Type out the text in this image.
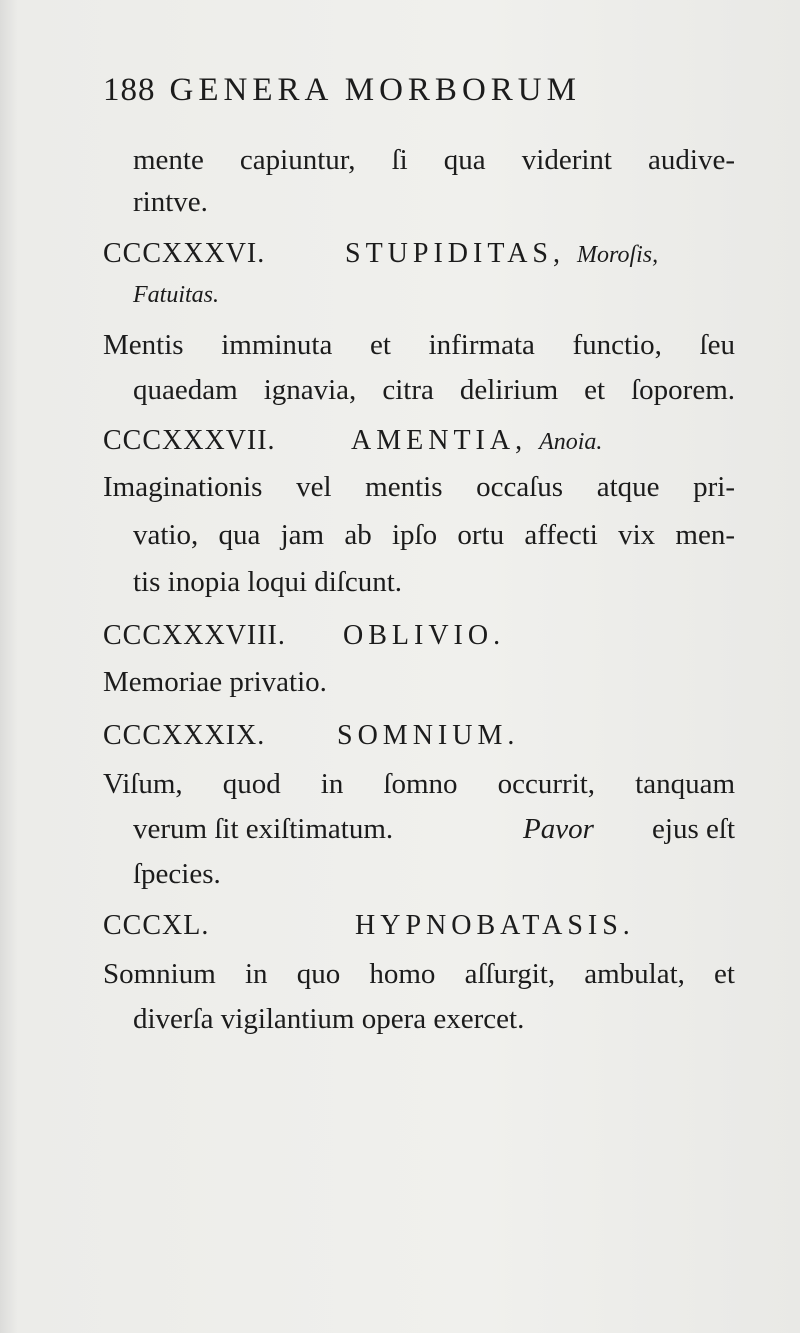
188 GENERA MORBORUM
mente capiuntur, ſi qua viderint audive-
rintve.
CCCXXXVI.	STUPIDITAS, Moroſis,
Fatuitas.
Mentis imminuta et infirmata functio, ſeu
quaedam ignavia, citra delirium et ſoporem.
CCCXXXVII.	AMENTIA, Anoia.
Imaginationis vel mentis occaſus atque pri-
vatio, qua jam ab ipſo ortu affecti vix men-
tis inopia loqui diſcunt.
CCCXXXVIII. OBLIVIO.
Memoriae privatio.
CCCXXXIX.	SOMNIUM.
Viſum, quod in ſomno occurrit, tanquam
verum ſit exiſtimatum.	Pavor ejus eſt
ſpecies.
CCCXL.	HYPNOBATASIS.
Somnium in quo homo aſſurgit, ambulat, et
diverſa vigilantium opera exercet.
